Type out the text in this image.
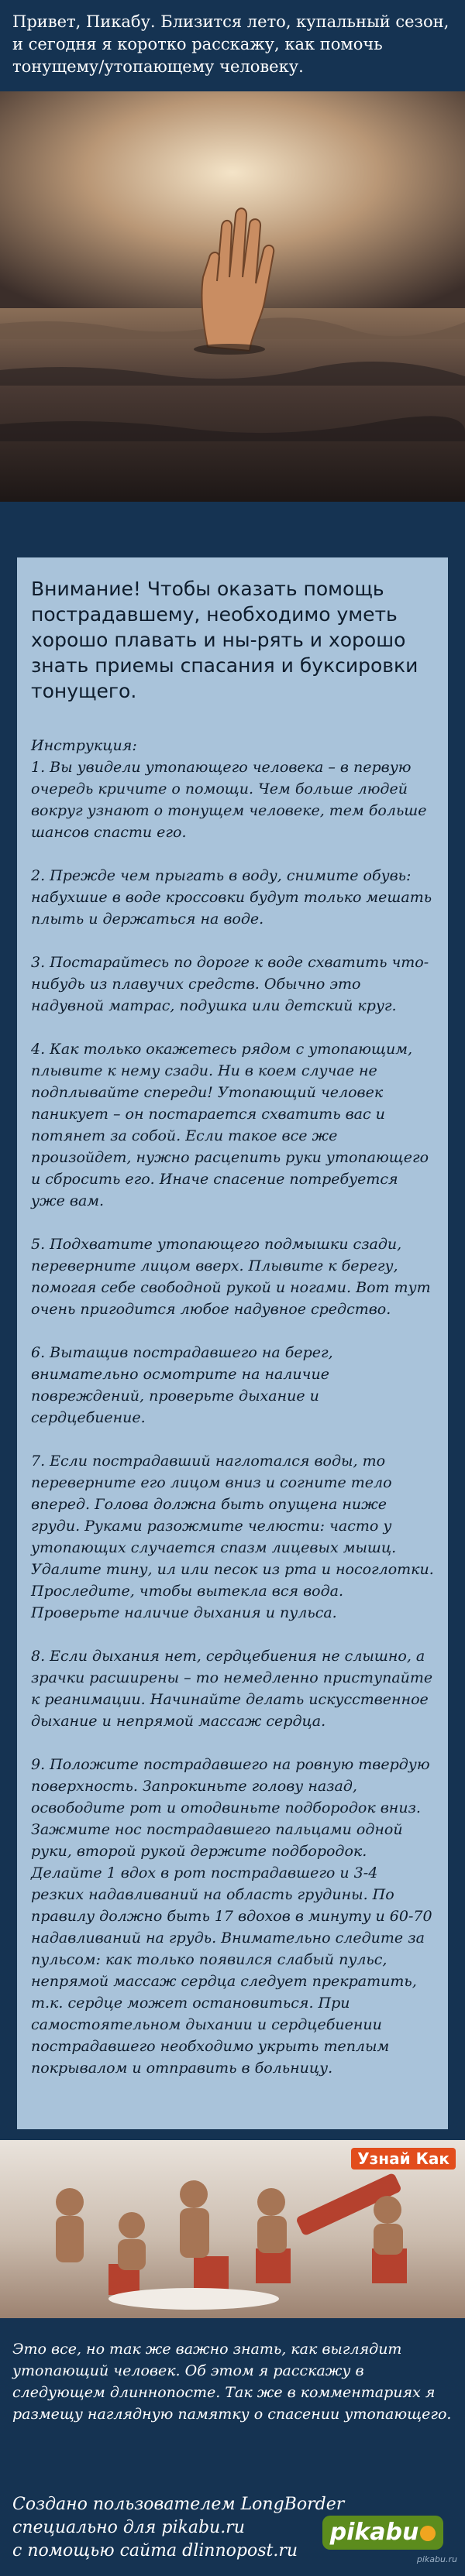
Привет, Пикабу. Близится лето, купальный сезон, и сегодня я коротко расскажу, как помочь тонущему/утопающему человеку.

Внимание! Чтобы оказать помощь пострадавшему, необходимо уметь хорошо плавать и ны-рять и хорошо знать приемы спасания и буксировки тонущего.

Инструкция:

1. Вы увидели утопающего человека – в первую очередь кричите о помощи. Чем больше людей вокруг узнают о тонущем человеке, тем больше шансов спасти его.

2. Прежде чем прыгать в воду, снимите обувь: набухшие в воде кроссовки будут только мешать плыть и держаться на воде.

3. Постарайтесь по дороге к воде схватить что-нибудь из плавучих средств. Обычно это надувной матрас, подушка или детский круг.

4. Как только окажетесь рядом с утопающим, плывите к нему сзади. Ни в коем случае не подплывайте спереди! Утопающий человек паникует – он постарается схватить вас и потянет за собой. Если такое все же произойдет, нужно расцепить руки утопающего и сбросить его. Иначе спасение потребуется уже вам.

5. Подхватите утопающего подмышки сзади, переверните лицом вверх. Плывите к берегу, помогая себе свободной рукой и ногами. Вот тут очень пригодится любое надувное средство.

6. Вытащив пострадавшего на берег, внимательно осмотрите на наличие повреждений, проверьте дыхание и сердцебиение.

7. Если пострадавший наглотался воды, то переверните его лицом вниз и согните тело вперед. Голова должна быть опущена ниже груди. Руками разожмите челюсти: часто у утопающих случается спазм лицевых мышц. Удалите тину, ил или песок из рта и носоглотки. Проследите, чтобы вытекла вся вода. Проверьте наличие дыхания и пульса.

8. Если дыхания нет, сердцебиения не слышно, а зрачки расширены – то немедленно приступайте к реанимации. Начинайте делать искусственное дыхание и непрямой массаж сердца.

9. Положите пострадавшего на ровную твердую поверхность. Запрокиньте голову назад, освободите рот и отодвиньте подбородок вниз. Зажмите нос пострадавшего пальцами одной руки, второй рукой держите подбородок. Делайте 1 вдох в рот пострадавшего и 3-4 резких надавливаний на область грудины. По правилу должно быть 17 вдохов в минуту и 60-70 надавливаний на грудь. Внимательно следите за пульсом: как только появился слабый пульс, непрямой массаж сердца следует прекратить, т.к. сердце может остановиться. При самостоятельном дыхании и сердцебиении пострадавшего необходимо укрыть теплым покрывалом и отправить в больницу.

Узнай Как
Это все, но так же важно знать, как выглядит утопающий человек. Об этом я расскажу в следующем длиннопосте. Так же в комментариях я размещу наглядную памятку о спасении утопающего.
Создано пользователем LongBorder
специально для pikabu.ru
с помощью сайта dlinnopost.ru
pikabu
pikabu.ru
